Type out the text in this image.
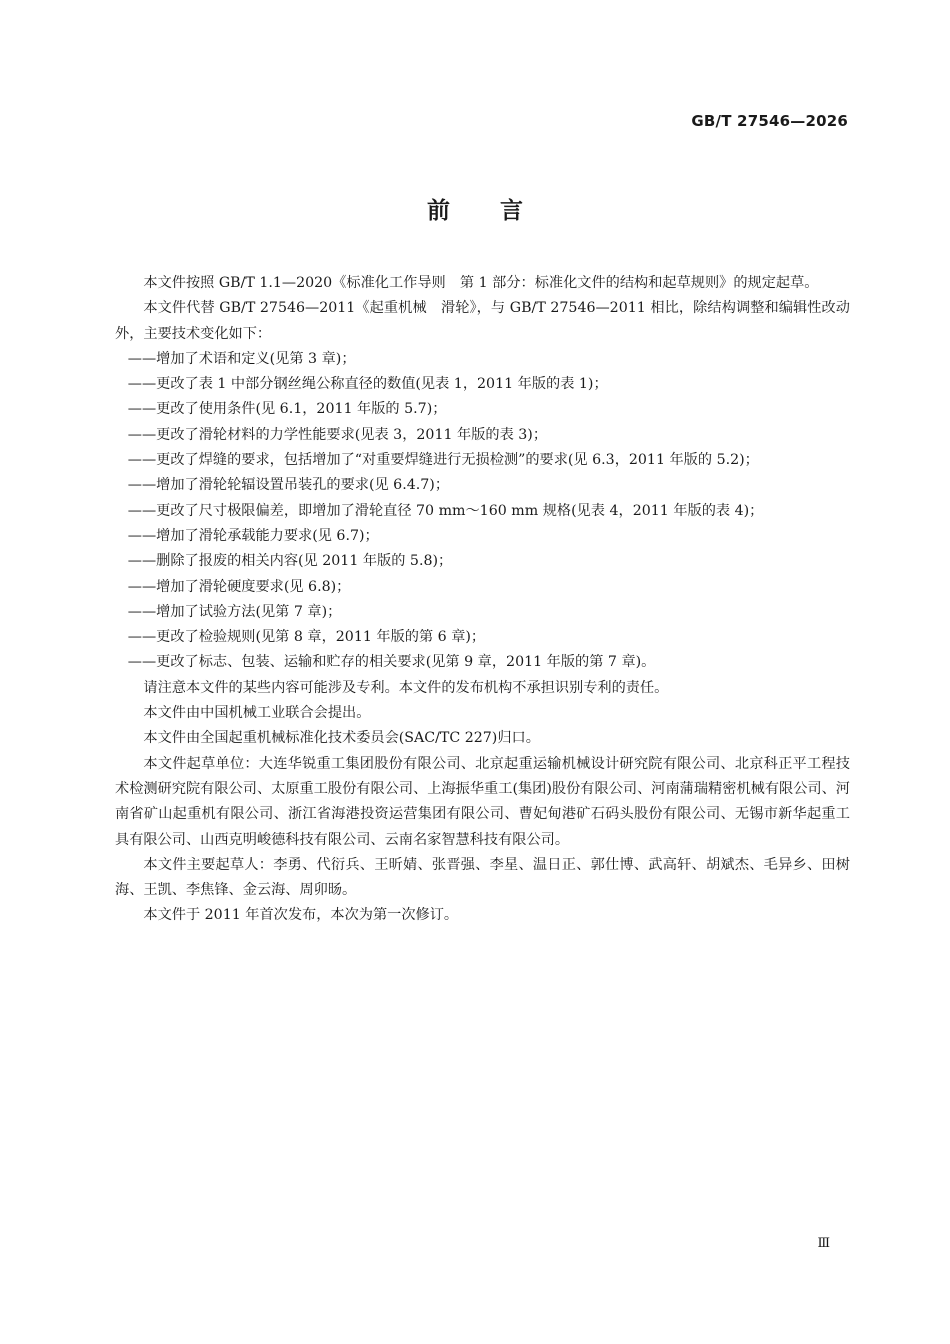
GB/T 27546—2026
前言

本文件按照 GB/T 1.1—2020《标准化工作导则　第 1 部分：标准化文件的结构和起草规则》的规定起草。

本文件代替 GB/T 27546—2011《起重机械　滑轮》，与 GB/T 27546—2011 相比，除结构调整和编辑性改动外，主要技术变化如下：

——增加了术语和定义(见第 3 章)；

——更改了表 1 中部分钢丝绳公称直径的数值(见表 1，2011 年版的表 1)；

——更改了使用条件(见 6.1，2011 年版的 5.7)；

——更改了滑轮材料的力学性能要求(见表 3，2011 年版的表 3)；

——更改了焊缝的要求，包括增加了“对重要焊缝进行无损检测”的要求(见 6.3，2011 年版的 5.2)；

——增加了滑轮轮辐设置吊装孔的要求(见 6.4.7)；

——更改了尺寸极限偏差，即增加了滑轮直径 70 mm～160 mm 规格(见表 4，2011 年版的表 4)；

——增加了滑轮承载能力要求(见 6.7)；

——删除了报废的相关内容(见 2011 年版的 5.8)；

——增加了滑轮硬度要求(见 6.8)；

——增加了试验方法(见第 7 章)；

——更改了检验规则(见第 8 章，2011 年版的第 6 章)；

——更改了标志、包装、运输和贮存的相关要求(见第 9 章，2011 年版的第 7 章)。

请注意本文件的某些内容可能涉及专利。本文件的发布机构不承担识别专利的责任。

本文件由中国机械工业联合会提出。

本文件由全国起重机械标准化技术委员会(SAC/TC 227)归口。

本文件起草单位：大连华锐重工集团股份有限公司、北京起重运输机械设计研究院有限公司、北京科正平工程技术检测研究院有限公司、太原重工股份有限公司、上海振华重工(集团)股份有限公司、河南蒲瑞精密机械有限公司、河南省矿山起重机有限公司、浙江省海港投资运营集团有限公司、曹妃甸港矿石码头股份有限公司、无锡市新华起重工具有限公司、山西克明峻德科技有限公司、云南名家智慧科技有限公司。

本文件主要起草人：李勇、代衍兵、王昕婧、张晋强、李星、温日正、郭仕博、武高轩、胡斌杰、毛异乡、田树海、王凯、李焦锋、金云海、周卯旸。

本文件于 2011 年首次发布，本次为第一次修订。

Ⅲ
